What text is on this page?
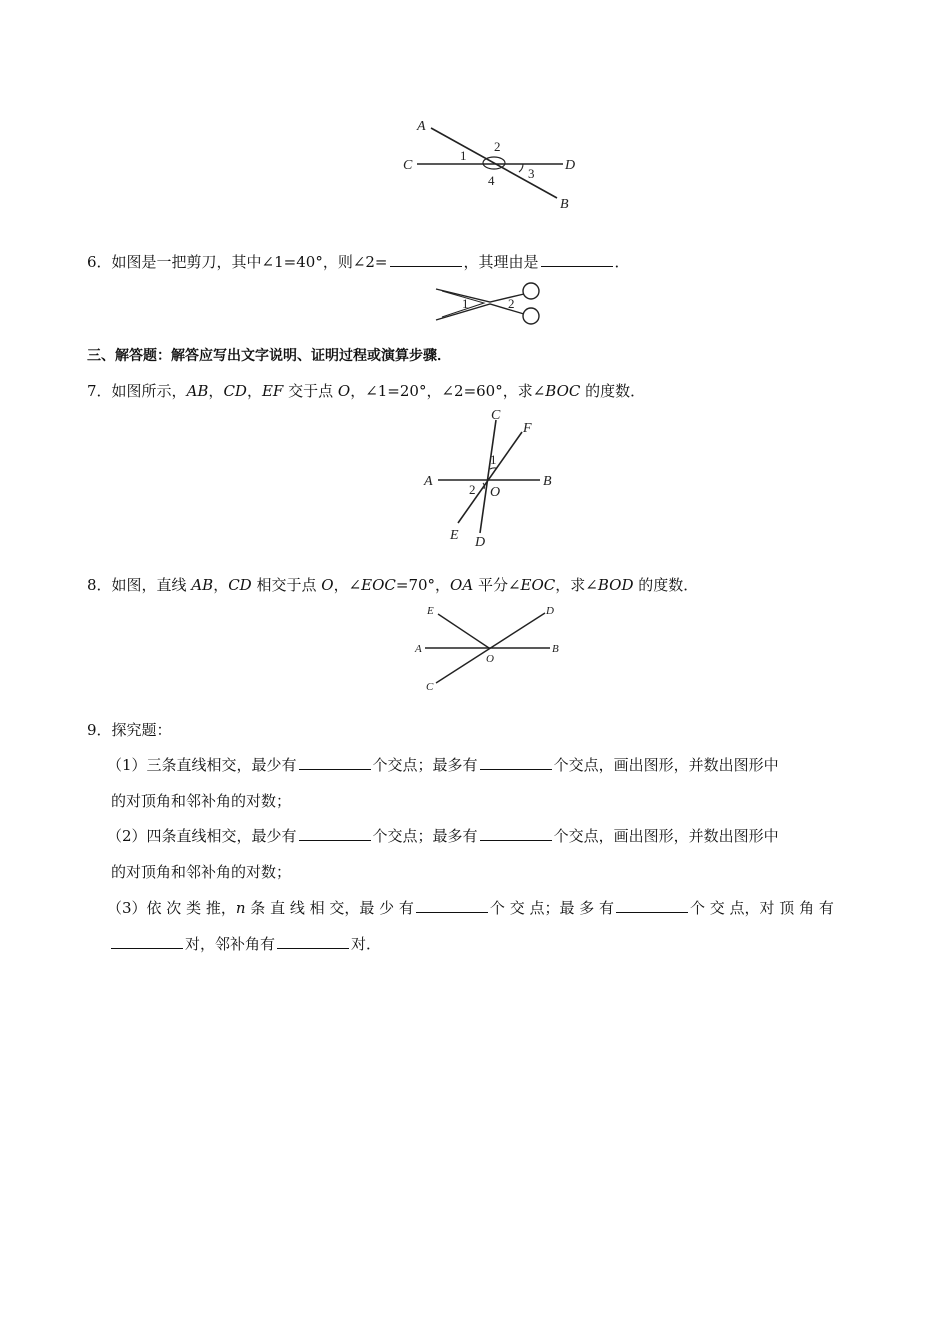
A
C	D
B
1
2
3
4
6．如图是一把剪刀，其中∠1=40°，则∠2=	，其理由是	．
1	2
三、解答题：解答应写出文字说明、证明过程或演算步骤．
7．如图所示，AB，CD，EF 交于点 O，∠1=20°，∠2=60°，求∠BOC 的度数．
C
F
A	B
O
E D
1
2
8．如图，直线 AB，CD 相交于点 O，∠EOC=70°，OA 平分∠EOC，求∠BOD 的度数．
E	D
A	B
O
C
9．探究题：
（1）三条直线相交，最少有	个交点；最多有	个交点，画出图形，并数出图形中
的对顶角和邻补角的对数；
（2）四条直线相交，最少有	个交点；最多有	个交点，画出图形，并数出图形中
的对顶角和邻补角的对数；
（3）依 次 类 推，n 条 直 线 相 交，最 少 有	个 交 点；最 多 有	个 交 点，对 顶 角 有
对，邻补角有	对．
